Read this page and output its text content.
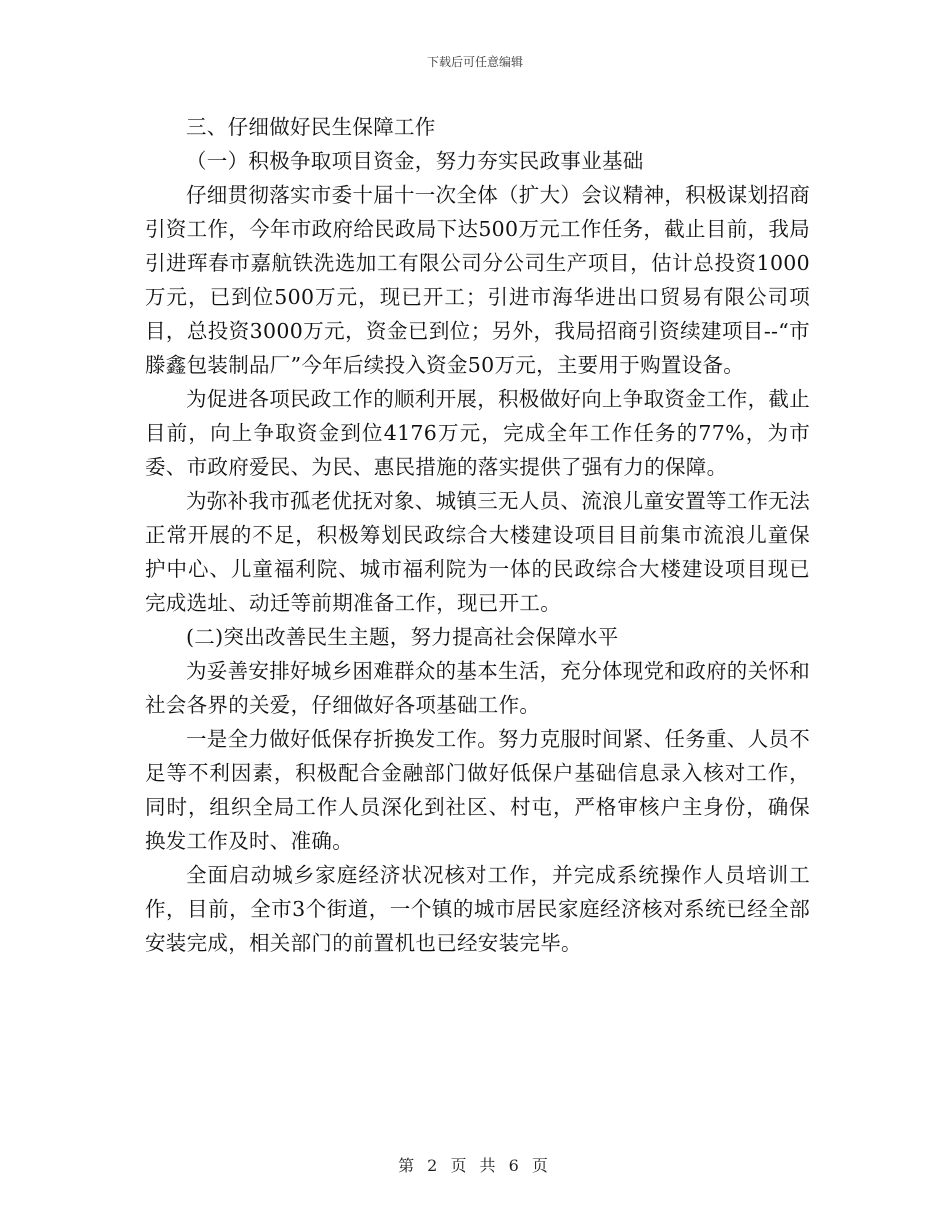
下载后可任意编辑

三、仔细做好民生保障工作

（一）积极争取项目资金，努力夯实民政事业基础

仔细贯彻落实市委十届十一次全体（扩大）会议精神，积极谋划招商引资工作，今年市政府给民政局下达500万元工作任务，截止目前，我局引进珲春市嘉航铁洗选加工有限公司分公司生产项目，估计总投资1000万元，已到位500万元，现已开工；引进市海华进出口贸易有限公司项目，总投资3000万元，资金已到位；另外，我局招商引资续建项目--“市滕鑫包装制品厂”今年后续投入资金50万元，主要用于购置设备。

为促进各项民政工作的顺利开展，积极做好向上争取资金工作，截止目前，向上争取资金到位4176万元，完成全年工作任务的77%，为市委、市政府爱民、为民、惠民措施的落实提供了强有力的保障。

为弥补我市孤老优抚对象、城镇三无人员、流浪儿童安置等工作无法正常开展的不足，积极筹划民政综合大楼建设项目目前集市流浪儿童保护中心、儿童福利院、城市福利院为一体的民政综合大楼建设项目现已完成选址、动迁等前期准备工作，现已开工。

(二)突出改善民生主题，努力提高社会保障水平

为妥善安排好城乡困难群众的基本生活，充分体现党和政府的关怀和社会各界的关爱，仔细做好各项基础工作。

一是全力做好低保存折换发工作。努力克服时间紧、任务重、人员不足等不利因素，积极配合金融部门做好低保户基础信息录入核对工作，同时，组织全局工作人员深化到社区、村屯，严格审核户主身份，确保换发工作及时、准确。

全面启动城乡家庭经济状况核对工作，并完成系统操作人员培训工作，目前，全市3个街道，一个镇的城市居民家庭经济核对系统已经全部安装完成，相关部门的前置机也已经安装完毕。

第 2 页 共 6 页
